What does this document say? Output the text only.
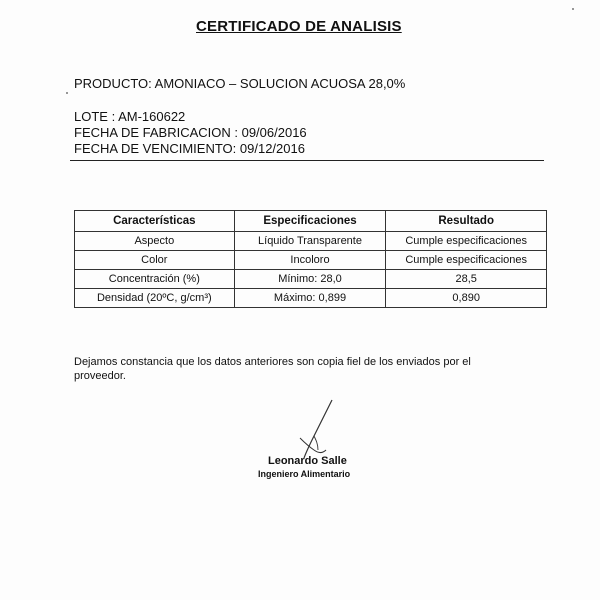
CERTIFICADO DE ANALISIS
PRODUCTO: AMONIACO – SOLUCION ACUOSA 28,0%
LOTE : AM-160622
FECHA DE FABRICACION : 09/06/2016
FECHA DE VENCIMIENTO: 09/12/2016
Características	Especificaciones	Resultado
Aspecto	Líquido Transparente	Cumple especificaciones
Color	Incoloro	Cumple especificaciones
Concentración (%)	Mínimo: 28,0	28,5
Densidad (20ºC, g/cm³)	Máximo: 0,899	0,890
Dejamos constancia que los datos anteriores son copia fiel de los enviados por el proveedor.
Leonardo Salle
Ingeniero Alimentario
